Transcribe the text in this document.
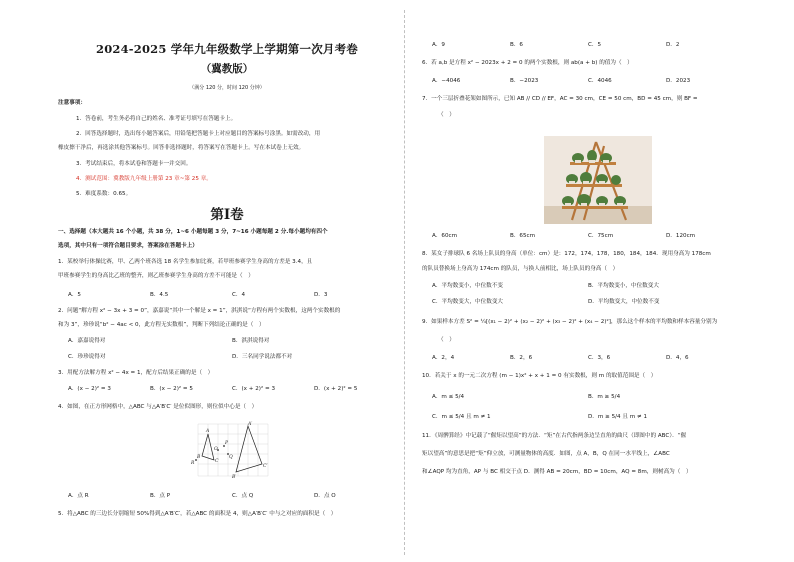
2024-2025 学年九年级数学上学期第一次月考卷
（冀教版）
（满分 120 分，时间 120 分钟）
注意事项：
1．答卷前，考生务必将自己的姓名、准考证号填写在答题卡上。
2．回答选择题时，选出每小题答案后，用铅笔把答题卡上对应题目的答案标号涂黑。如需改动，用
橡皮擦干净后，再选涂其他答案标号。回答非选择题时，将答案写在答题卡上。写在本试卷上无效。
3．考试结束后，将本试卷和答题卡一并交回。
4．测试范围：冀教版九年级上册第 23 章~第 25 章。
5．难度系数：0.65。
第Ⅰ卷
一、选择题（本大题共 16 个小题，共 38 分，1~6 小题每题 3 分，7~16 小题每题 2 分.每小题均有四个
选项，其中只有一项符合题目要求，答案涂在答题卡上）
1．某校举行体操比赛，甲、乙两个班各选 18 名学生参加比赛，若甲班参赛学生身高的方差是 3.4，且
甲班参赛学生的身高比乙班的整齐，则乙班参赛学生身高的方差不可能是（　）
A．5	B．4.5	C．4	D．3
2．问题“解方程 x² − 3x + 3 = 0”，嘉嘉说“其中一个解是 x = 1”，淇淇说“方程有两个实数根，这两个实数根的
和为 3”，珍珍说“b² − 4ac < 0，此方程无实数根”，判断下列结论正确的是（　）
A．嘉嘉说得对	B．淇淇说得对
C．珍珍说得对	D．三名同学说法都不对
3．用配方法解方程 x² − 4x = 1，配方后结果正确的是（　）
A．(x − 2)² = 3	B．(x − 2)² = 5	C．(x + 2)² = 3	D．(x + 2)² = 5
4．如图，在正方形网格中，△ABC 与△A′B′C′ 是位似图形，则位似中心是（　）
A
B
C
P
R
Q
O
A′
B′
C′
A．点 R	B．点 P	C．点 Q	D．点 O
5．将△ABC 的三边长分别缩短 50%得到△A′B′C′，若△ABC 的面积是 4，则△A′B′C′ 中与之对应的面积是（　）
A．9	B．6	C．5	D．2
6．若 a,b 是方程 x² − 2023x + 2 = 0 的两个实数根，则 ab(a + b) 的值为（　）
A．−4046	B．−2023	C．4046	D．2023
7．一个三层折叠花架如图所示，已知 AB // CD // EF，AC = 30 cm，CE = 50 cm，BD = 45 cm，则 BF =
（　）
A．60cm	B．65cm	C．75cm	D．120cm
8．某女子排球队 6 名场上队员的身高（单位：cm）是：172，174，178，180，184，184．现用身高为 178cm
的队员替换场上身高为 174cm 的队员，与换人前相比，场上队员的身高（　）
A．平均数变小，中位数不变	B．平均数变小，中位数变大
C．平均数变大，中位数变大	D．平均数变大，中位数不变
9．如果样本方差 S² = ¼[(x₁ − 2)² + (x₂ − 2)² + (x₃ − 2)² + (x₄ − 2)²]，那么这个样本的平均数和样本容量分别为
（　）
A．2，4	B．2，6	C．3，6	D．4，6
10．若关于 x 的一元二次方程 (m − 1)x² + x + 1 = 0 有实数根，则 m 的取值范围是（　）
A．m ≤ 5/4	B．m ≥ 5/4
C．m ≤ 5/4 且 m ≠ 1	D．m ≥ 5/4 且 m ≠ 1
11．《周髀算经》中记载了“偃矩以望高”的方法．“矩”在古代指两条边呈直角的曲尺（即图中的 ABC）．“偃
矩以望高”的意思是把“矩”仰立放，可测量物体的高度．如图，点 A，B，Q 在同一水平线上，∠ABC
和∠AQP 均为直角，AP 与 BC 相交于点 D．测得 AB = 20cm，BD = 10cm，AQ = 8m，则树高为（　）
